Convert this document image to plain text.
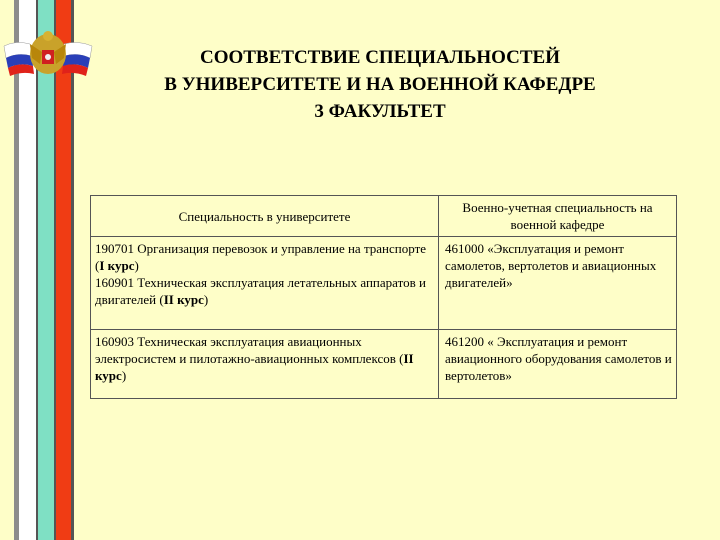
СООТВЕТСТВИЕ СПЕЦИАЛЬНОСТЕЙ
В УНИВЕРСИТЕТЕ И НА ВОЕННОЙ КАФЕДРЕ
3 ФАКУЛЬТЕТ
Специальность в университете	Военно-учетная специальность на военной кафедре
190701 Организация перевозок и управление на транспорте (I курс)
160901 Техническая эксплуатация летательных аппаратов и двигателей (II курс)	461000 «Эксплуатация и ремонт самолетов, вертолетов и авиационных двигателей»
160903 Техническая эксплуатация авиационных электросистем и пилотажно-авиационных комплексов (II курс)	461200 « Эксплуатация и ремонт авиационного оборудования самолетов и вертолетов»
